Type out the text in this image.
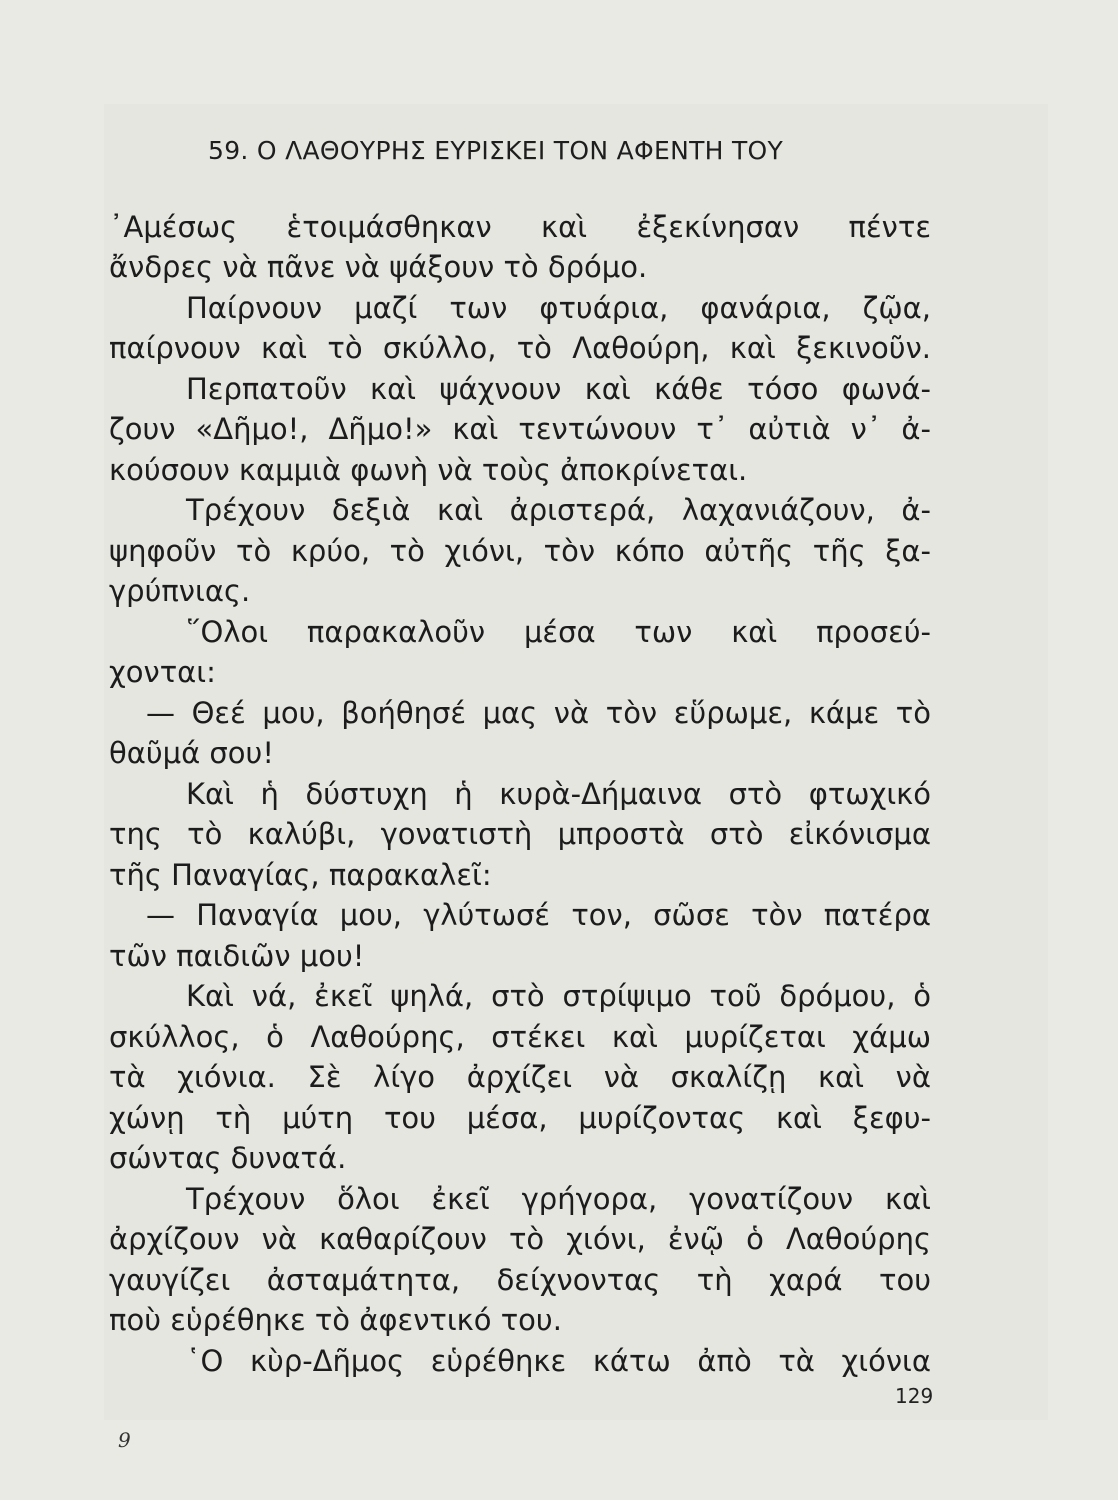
59. Ο ΛΑΘΟΥΡΗΣ ΕΥΡΙΣΚΕΙ ΤΟΝ ΑΦΕΝΤΗ ΤΟΥ
᾿Αμέσως ἑτοιμάσθηκαν καὶ ἐξεκίνησαν πέντε
ἄνδρες νὰ πᾶνε νὰ ψάξουν τὸ δρόμο.
Παίρνουν μαζί των φτυάρια, φανάρια, ζῷα,
παίρνουν καὶ τὸ σκύλλο, τὸ Λαθούρη, καὶ ξεκινοῦν.
Περπατοῦν καὶ ψάχνουν καὶ κάθε τόσο φωνά-
ζουν «Δῆμο!, Δῆμο!» καὶ τεντώνουν τ᾿ αὐτιὰ ν᾿ ἀ-
κούσουν καμμιὰ φωνὴ νὰ τοὺς ἀποκρίνεται.
Τρέχουν δεξιὰ καὶ ἀριστερά, λαχανιάζουν, ἀ-
ψηφοῦν τὸ κρύο, τὸ χιόνι, τὸν κόπο αὐτῆς τῆς ξα-
γρύπνιας.
῞Ολοι παρακαλοῦν μέσα των καὶ προσεύ-
χονται:
— Θεέ μου, βοήθησέ μας νὰ τὸν εὕρωμε, κάμε τὸ
θαῦμά σου!
Καὶ ἡ δύστυχη ἡ κυρὰ-Δήμαινα στὸ φτωχικό
της τὸ καλύβι, γονατιστὴ μπροστὰ στὸ εἰκόνισμα
τῆς Παναγίας, παρακαλεῖ:
— Παναγία μου, γλύτωσέ τον, σῶσε τὸν πατέρα
τῶν παιδιῶν μου!
Καὶ νά, ἐκεῖ ψηλά, στὸ στρίψιμο τοῦ δρόμου, ὁ
σκύλλος, ὁ Λαθούρης, στέκει καὶ μυρίζεται χάμω
τὰ χιόνια. Σὲ λίγο ἀρχίζει νὰ σκαλίζῃ καὶ νὰ
χώνῃ τὴ μύτη του μέσα, μυρίζοντας καὶ ξεφυ-
σώντας δυνατά.
Τρέχουν ὅλοι ἐκεῖ γρήγορα, γονατίζουν καὶ
ἀρχίζουν νὰ καθαρίζουν τὸ χιόνι, ἐνῷ ὁ Λαθούρης
γαυγίζει ἀσταμάτητα, δείχνοντας τὴ χαρά του
ποὺ εὑρέθηκε τὸ ἀφεντικό του.
῾Ο κὺρ-Δῆμος εὑρέθηκε κάτω ἀπὸ τὰ χιόνια
129
9
